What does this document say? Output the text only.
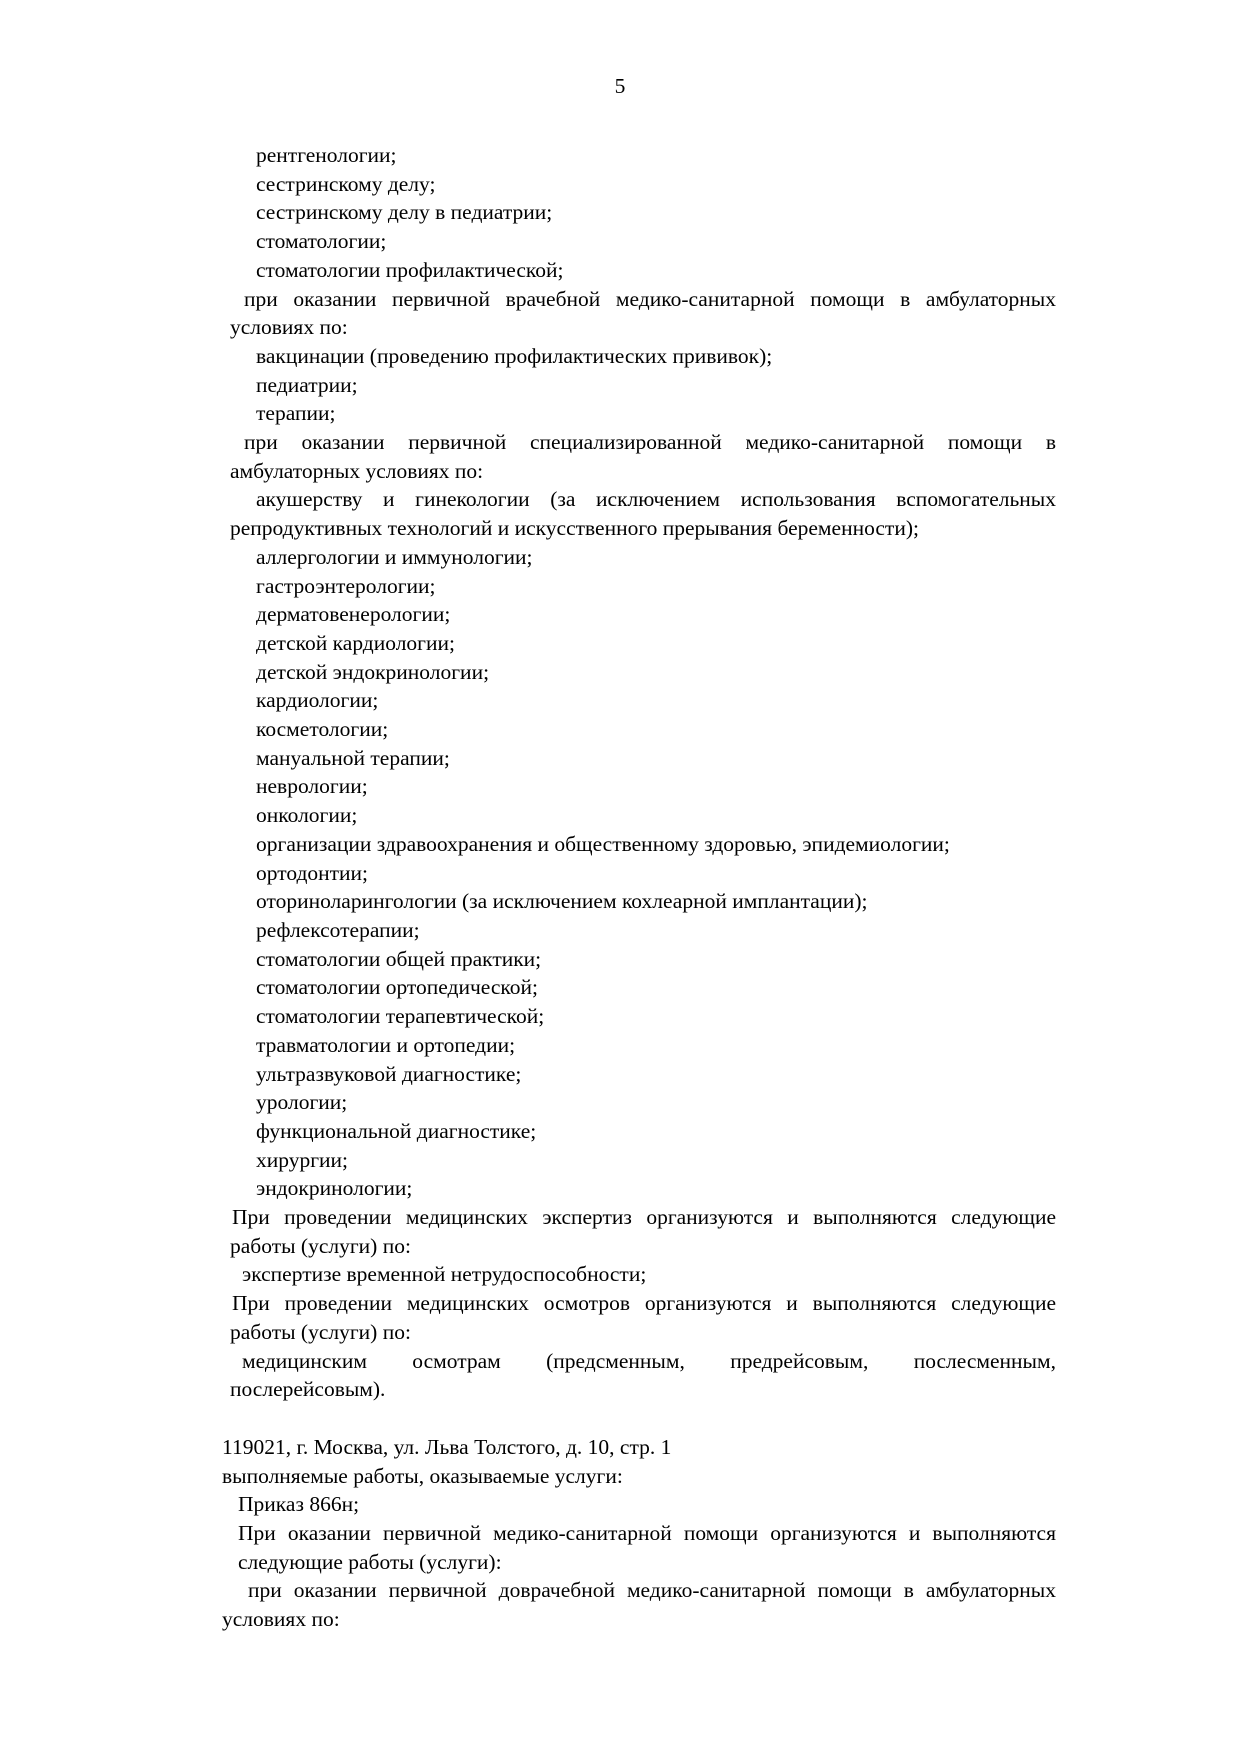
5
рентгенологии;
сестринскому делу;
сестринскому делу в педиатрии;
стоматологии;
стоматологии профилактической;
при оказании первичной врачебной медико-санитарной помощи в амбулаторных
условиях по:
вакцинации (проведению профилактических прививок);
педиатрии;
терапии;
при оказании первичной специализированной медико-санитарной помощи в
амбулаторных условиях по:
акушерству и гинекологии (за исключением использования вспомогательных
репродуктивных технологий и искусственного прерывания беременности);
аллергологии и иммунологии;
гастроэнтерологии;
дерматовенерологии;
детской кардиологии;
детской эндокринологии;
кардиологии;
косметологии;
мануальной терапии;
неврологии;
онкологии;
организации здравоохранения и общественному здоровью, эпидемиологии;
ортодонтии;
оториноларингологии (за исключением кохлеарной имплантации);
рефлексотерапии;
стоматологии общей практики;
стоматологии ортопедической;
стоматологии терапевтической;
травматологии и ортопедии;
ультразвуковой диагностике;
урологии;
функциональной диагностике;
хирургии;
эндокринологии;
При проведении медицинских экспертиз организуются и выполняются следующие
работы (услуги) по:
экспертизе временной нетрудоспособности;
При проведении медицинских осмотров организуются и выполняются следующие
работы (услуги) по:
медицинским осмотрам (предсменным, предрейсовым, послесменным,
послерейсовым).
119021, г. Москва, ул. Льва Толстого, д. 10, стр. 1
выполняемые работы, оказываемые услуги:
Приказ 866н;
При оказании первичной медико-санитарной помощи организуются и выполняются
следующие работы (услуги):
при оказании первичной доврачебной медико-санитарной помощи в амбулаторных
условиях по:
